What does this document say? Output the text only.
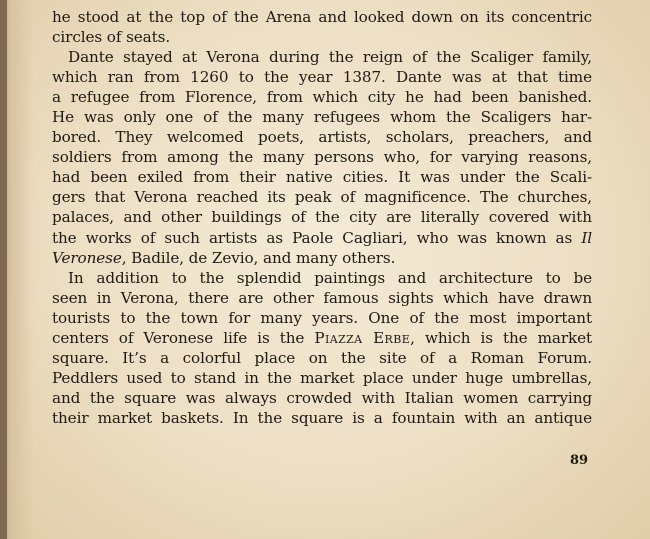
he stood at the top of the Arena and looked down on its concentric
circles of seats.
Dante stayed at Verona during the reign of the Scaliger family,
which ran from 1260 to the year 1387. Dante was at that time
a refugee from Florence, from which city he had been banished.
He was only one of the many refugees whom the Scaligers har-
bored. They welcomed poets, artists, scholars, preachers, and
soldiers from among the many persons who, for varying reasons,
had been exiled from their native cities. It was under the Scali-
gers that Verona reached its peak of magnificence. The churches,
palaces, and other buildings of the city are literally covered with
the works of such artists as Paole Cagliari, who was known as Il
Veronese, Badile, de Zevio, and many others.
In addition to the splendid paintings and architecture to be
seen in Verona, there are other famous sights which have drawn
tourists to the town for many years. One of the most important
centers of Veronese life is the Piazza Erbe, which is the market
square. It’s a colorful place on the site of a Roman Forum.
Peddlers used to stand in the market place under huge umbrellas,
and the square was always crowded with Italian women carrying
their market baskets. In the square is a fountain with an antique
89
